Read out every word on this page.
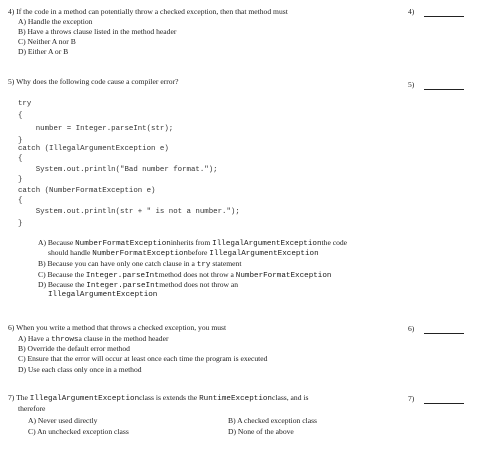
4) If the code in a method can potentially throw a checked exception, then that method must	4)
A) Handle the exception
B) Have a throws clause listed in the method header
C) Neither A nor B
D) Either A or B
5) Why does the following code cause a compiler error?	5)
try
{
number = Integer.parseInt(str);
}
catch (IllegalArgumentException e)
{
System.out.println("Bad number format.");
}
catch (NumberFormatException e)
{
System.out.println(str + " is not a number.");
}
A) Because NumberFormatExceptioninherits from IllegalArgumentExceptionthe code
should handle NumberFormatExceptionbefore IllegalArgumentException
B) Because you can have only one catch clause in a try statement
C) Because the Integer.parseIntmethod does not throw a NumberFormatException
D) Because the Integer.parseIntmethod does not throw an
IllegalArgumentException
6) When you write a method that throws a checked exception, you must	6)
A) Have a throwsa clause in the method header
B) Override the default error method
C) Ensure that the error will occur at least once each time the program is executed
D) Use each class only once in a method
7) The IllegalArgumentExceptionclass is extends the RuntimeExceptionclass, and is
therefore
7)
A) Never used directly	B) A checked exception class
C) An unchecked exception class	D) None of the above
